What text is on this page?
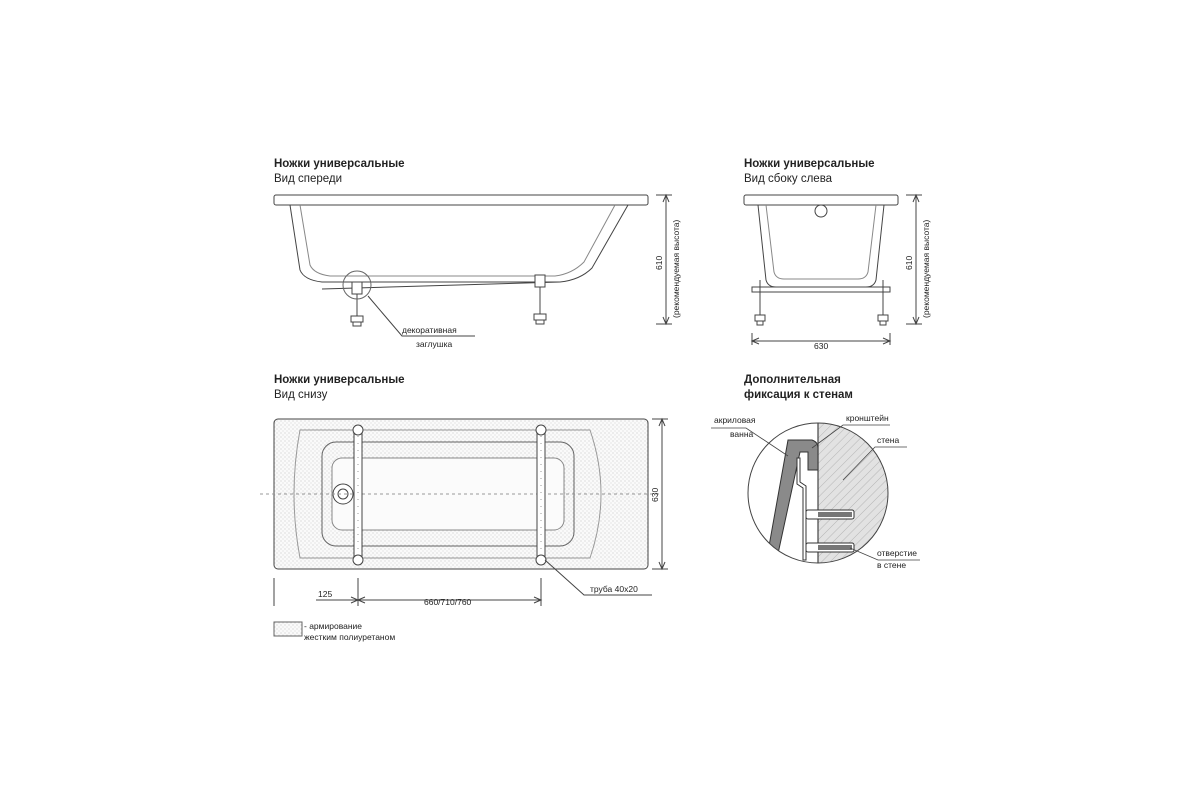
Ножки универсальные
Вид спереди
Ножки универсальные
Вид сбоку слева
Ножки универсальные
Вид снизу
Дополнительная
фиксация к стенам
декоративная
заглушка
610 (рекомендуемая высота)
630
610 (рекомендуемая высота)
труба 40x20
630
125
660/710/760
- армирование
жестким полиуретаном
акриловая
ванна
кронштейн
стена
отверстие
в стене
